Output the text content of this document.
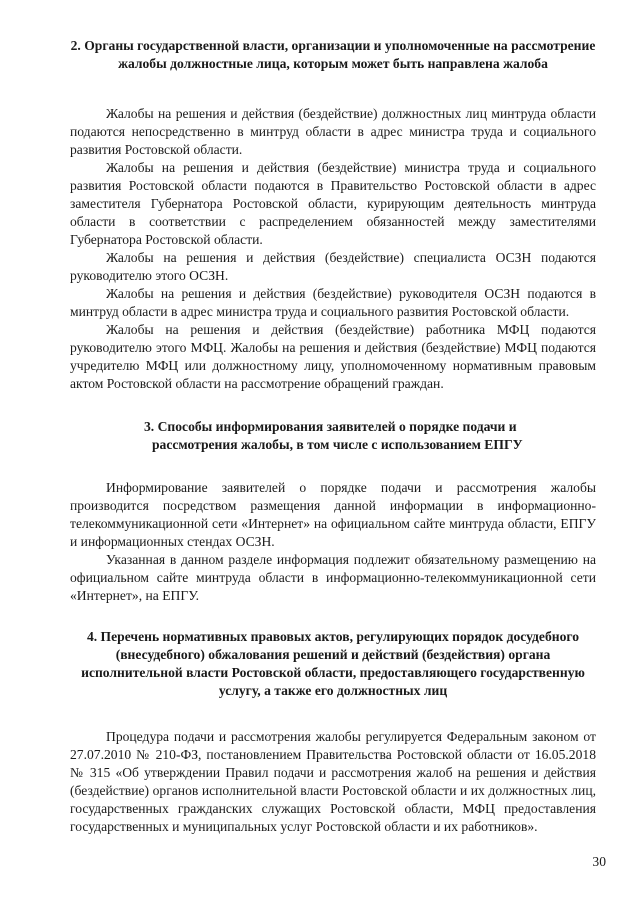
2. Органы государственной власти, организации и уполномоченные на рассмотрение жалобы должностные лица, которым может быть направлена жалоба

Жалобы на решения и действия (бездействие) должностных лиц минтруда области подаются непосредственно в минтруд области в адрес министра труда и социального развития Ростовской области.

Жалобы на решения и действия (бездействие) министра труда и социального развития Ростовской области подаются в Правительство Ростовской области в адрес заместителя Губернатора Ростовской области, курирующим деятельность минтруда области в соответствии с распределением обязанностей между заместителями Губернатора Ростовской области.

Жалобы на решения и действия (бездействие) специалиста ОСЗН подаются руководителю этого ОСЗН.

Жалобы на решения и действия (бездействие) руководителя ОСЗН подаются в минтруд области в адрес министра труда и социального развития Ростовской области.

Жалобы на решения и действия (бездействие) работника МФЦ подаются руководителю этого МФЦ. Жалобы на решения и действия (бездействие) МФЦ подаются учредителю МФЦ или должностному лицу, уполномоченному нормативным правовым актом Ростовской области на рассмотрение обращений граждан.

3. Способы информирования заявителей о порядке подачи и
рассмотрения жалобы, в том числе с использованием ЕПГУ

Информирование заявителей о порядке подачи и рассмотрения жалобы производится посредством размещения данной информации в информационно-телекоммуникационной сети «Интернет» на официальном сайте минтруда области, ЕПГУ и информационных стендах ОСЗН.

Указанная в данном разделе информация подлежит обязательному размещению на официальном сайте минтруда области в информационно-телекоммуникационной сети «Интернет», на ЕПГУ.

4. Перечень нормативных правовых актов, регулирующих порядок досудебного (внесудебного) обжалования решений и действий (бездействия) органа исполнительной власти Ростовской области, предоставляющего государственную услугу, а также его должностных лиц

Процедура подачи и рассмотрения жалобы регулируется Федеральным законом от 27.07.2010 № 210-ФЗ, постановлением Правительства Ростовской области от 16.05.2018 № 315 «Об утверждении Правил подачи и рассмотрения жалоб на решения и действия (бездействие) органов исполнительной власти Ростовской области и их должностных лиц, государственных гражданских служащих Ростовской области, МФЦ предоставления государственных и муниципальных услуг Ростовской области и их работников».

30
